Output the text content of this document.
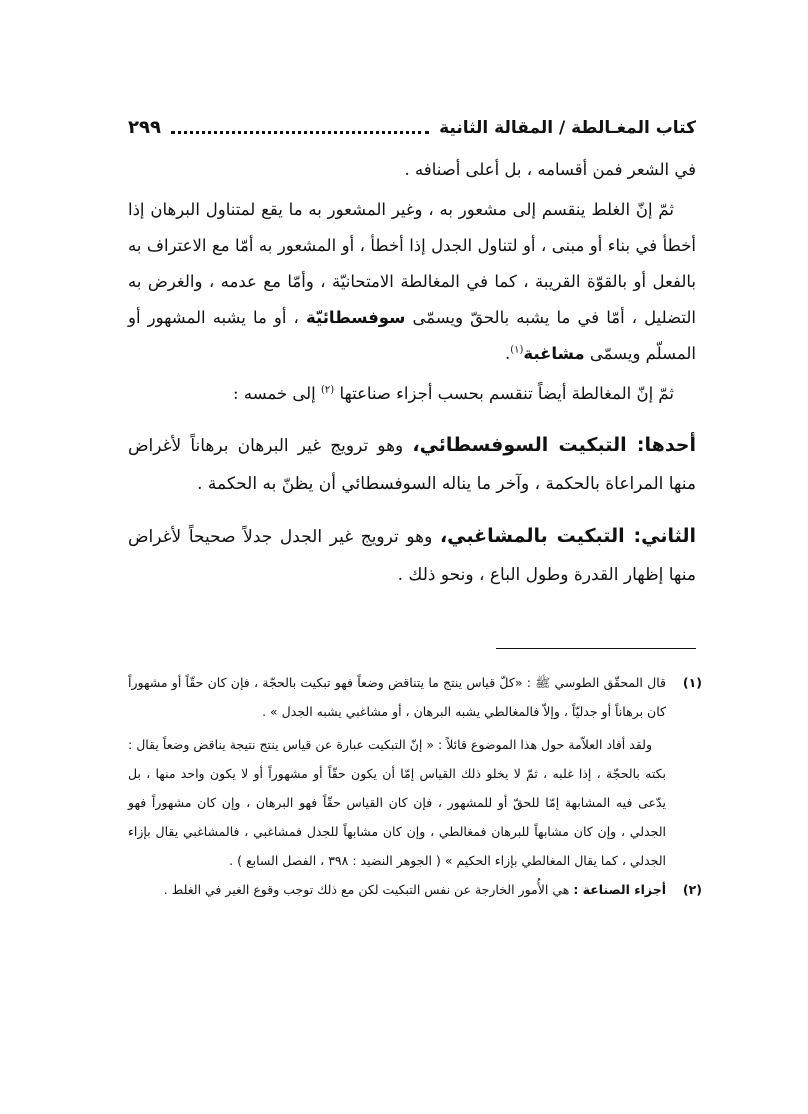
كتاب المغـالطة / المقالة الثانية
٢٩٩

في الشعر فمن أقسامه ، بل أعلى أصنافه .

ثمّ إنّ الغلط ينقسم إلى مشعور به ، وغير المشعور به ما يقع لمتناول البرهان إذا أخطأ في بناء أو مبنى ، أو لتناول الجدل إذا أخطأ ، أو المشعور به أمّا مع الاعتراف به بالفعل أو بالقوّة القريبة ، كما في المغالطة الامتحانيّة ، وأمّا مع عدمه ، والغرض به التضليل ، أمّا في ما يشبه بالحقّ ويسمّى سوفسطائيّة ، أو ما يشبه المشهور أو المسلّم ويسمّى مشاغبة$^{(١)}$.

ثمّ إنّ المغالطة أيضاً تنقسم بحسب أجزاء صناعتها $^{(٢)}$ إلى خمسه :

أحدها: التبكيت السوفسطائي، وهو ترويج غير البرهان برهاناً لأغراض منها المراعاة بالحكمة ، وآخر ما يناله السوفسطائي أن يظنّ به الحكمة .

الثاني: التبكيت بالمشاغبي، وهو ترويج غير الجدل جدلاً صحيحاً لأغراض منها إظهار القدرة وطول الباع ، ونحو ذلك .

(١)
قال المحقّق الطوسي ﷺ : «كلّ قياس ينتج ما يتناقض وضعاً فهو تبكيت بالحجّة ، فإن كان حقّاً أو مشهوراً كان برهاناً أو جدليّاً ، وإلاّ فالمغالطي يشبه البرهان ، أو مشاغبي يشبه الجدل » .

ولقد أفاد العلاّمة حول هذا الموضوع قائلاً : « إنّ التبكيت عبارة عن قياس ينتج نتيجة يناقض وضعاً يقال : بكته بالحجّة ، إذا غلبه ، ثمّ لا يخلو ذلك القياس إمّا أن يكون حقّاً أو مشهوراً أو لا يكون واحد منها ، بل يدّعى فيه المشابهة إمّا للحقّ أو للمشهور ، فإن كان القياس حقّاً فهو البرهان ، وإن كان مشهوراً فهو الجدلي ، وإن كان مشابهاً للبرهان فمغالطي ، وإن كان مشابهاً للجدل فمشاغبي ، فالمشاغبي يقال بإزاء الجدلي ، كما يقال المغالطي بإزاء الحكيم » ( الجوهر النضيد : ٣٩٨ ، الفصل السابع ) .

(٢)
أجزاء الصناعة : هي الأُمور الخارجة عن نفس التبكيت لكن مع ذلك توجب وقوع الغير في الغلط .
